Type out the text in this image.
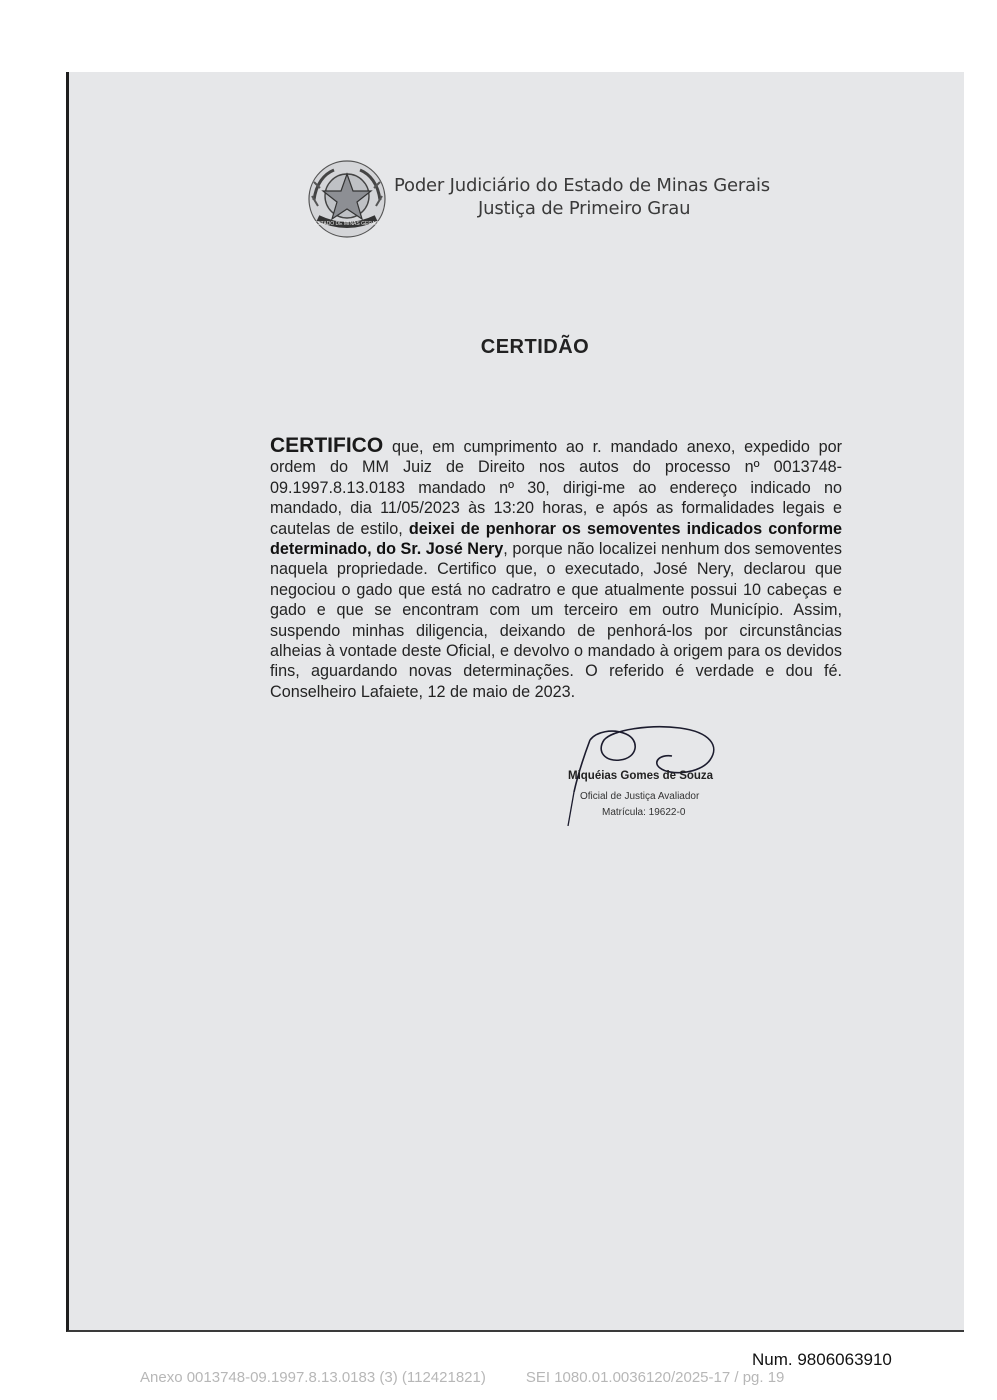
ESTADO DE MINAS GERAIS
Poder Judiciário do Estado de Minas Gerais
Justiça de Primeiro Grau
CERTIDÃO

CERTIFICO que, em cumprimento ao r. mandado anexo, expedido por ordem do MM Juiz de Direito nos autos do processo nº 0013748-09.1997.8.13.0183 mandado nº 30, dirigi-me ao endereço indicado no mandado, dia 11/05/2023 às 13:20 horas, e após as formalidades legais e cautelas de estilo, deixei de penhorar os semoventes indicados conforme determinado, do Sr. José Nery, porque não localizei nenhum dos semoventes naquela propriedade. Certifico que, o executado, José Nery, declarou que negociou o gado que está no cadratro e que atualmente possui 10 cabeças e gado e que se encontram com um terceiro em outro Município. Assim, suspendo minhas diligencia, deixando de penhorá-los por circunstâncias alheias à vontade deste Oficial, e devolvo o mandado à origem para os devidos fins, aguardando novas determinações. O referido é verdade e dou fé. Conselheiro Lafaiete, 12 de maio de 2023.

Miquéias Gomes de Souza
Oficial de Justiça Avaliador
Matrícula: 19622-0
Num. 9806063910
Anexo 0013748-09.1997.8.13.0183 (3) (112421821)	SEI 1080.01.0036120/2025-17 / pg. 19
